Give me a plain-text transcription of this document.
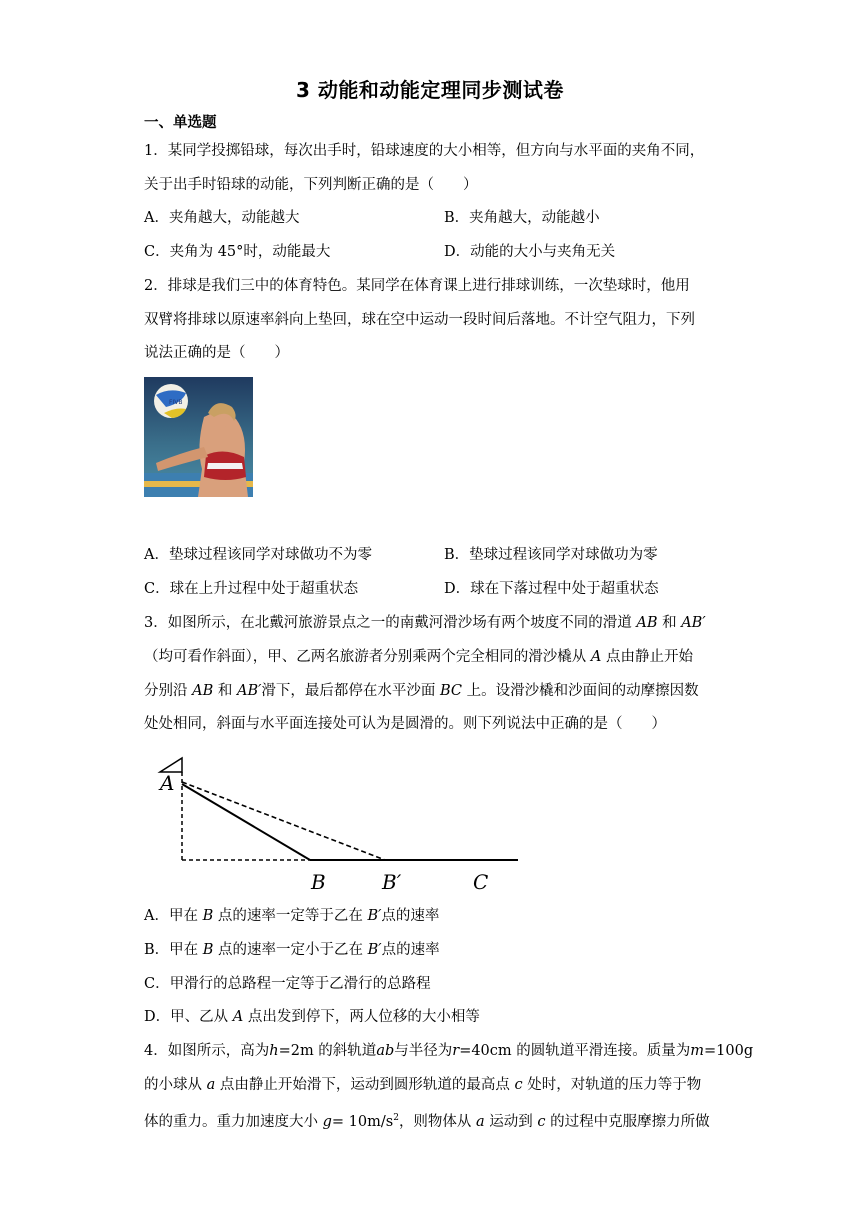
3 动能和动能定理同步测试卷
一、单选题
1．某同学投掷铅球，每次出手时，铅球速度的大小相等，但方向与水平面的夹角不同，
关于出手时铅球的动能，下列判断正确的是（　　）
A．夹角越大，动能越大	B．夹角越大，动能越小
C．夹角为 45°时，动能最大	D．动能的大小与夹角无关
2．排球是我们三中的体育特色。某同学在体育课上进行排球训练，一次垫球时，他用
双臂将排球以原速率斜向上垫回，球在空中运动一段时间后落地。不计空气阻力，下列
说法正确的是（　　）
FIVB
A．垫球过程该同学对球做功不为零	B．垫球过程该同学对球做功为零
C．球在上升过程中处于超重状态	D．球在下落过程中处于超重状态
3．如图所示，在北戴河旅游景点之一的南戴河滑沙场有两个坡度不同的滑道 AB 和 AB′
（均可看作斜面），甲、乙两名旅游者分别乘两个完全相同的滑沙橇从 A 点由静止开始
分别沿 AB 和 AB′滑下，最后都停在水平沙面 BC 上。设滑沙橇和沙面间的动摩擦因数
处处相同，斜面与水平面连接处可认为是圆滑的。则下列说法中正确的是（　　）
A
B	B′	C
A．甲在 B 点的速率一定等于乙在 B′点的速率
B．甲在 B 点的速率一定小于乙在 B′点的速率
C．甲滑行的总路程一定等于乙滑行的总路程
D．甲、乙从 A 点出发到停下，两人位移的大小相等
4．如图所示，高为h=2m 的斜轨道ab与半径为r=40cm 的圆轨道平滑连接。质量为m=100g
的小球从 a 点由静止开始滑下，运动到圆形轨道的最高点 c 处时，对轨道的压力等于物
体的重力。重力加速度大小 $g= 10m/s^2$，则物体从 a 运动到 c 的过程中克服摩擦力所做
